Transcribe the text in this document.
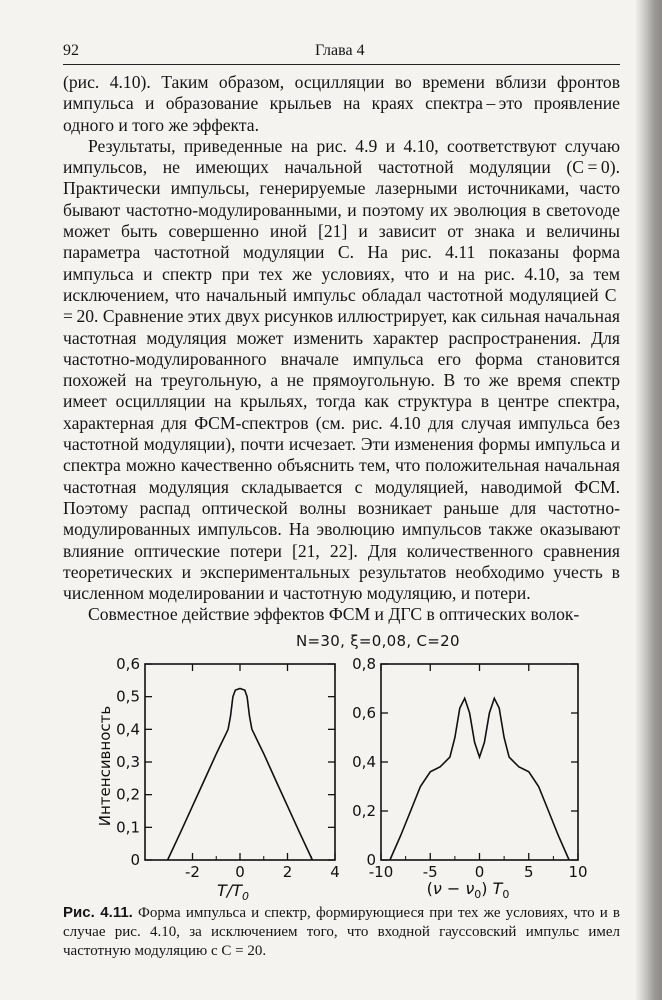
92	Глава 4

(рис. 4.10). Таким образом, осцилляции во времени вблизи фронтов импульса и образование крыльев на краях спектра – это проявление одного и того же эффекта.

Результаты, приведенные на рис. 4.9 и 4.10, соответствуют случаю импульсов, не имеющих начальной частотной модуляции (C = 0). Практически импульсы, генерируемые лазерными источниками, часто бывают частотно-модулированными, и поэтому их эволюция в светоvоде может быть совершенно иной [21] и зависит от знака и величины параметра частотной модуляции C. На рис. 4.11 показаны форма импульса и спектр при тех же условиях, что и на рис. 4.10, за тем исключением, что начальный импульс обладал частотной модуляцией C = 20. Сравнение этих двух рисунков иллюстрирует, как сильная начальная частотная модуляция может изменить характер распространения. Для частотно-модулированного вначале импульса его форма становится похожей на треугольную, а не прямоугольную. В то же время спектр имеет осцилляции на крыльях, тогда как структура в центре спектра, характерная для ФСМ-спектров (см. рис. 4.10 для случая импульса без частотной модуляции), почти исчезает. Эти изменения формы импульса и спектра можно качественно объяснить тем, что положительная начальная частотная модуляция складывается с модуляцией, наводимой ФСМ. Поэтому распад оптической волны возникает раньше для частотно-модулированных импульсов. На эволюцию импульсов также оказывают влияние оптические потери [21, 22]. Для количественного сравнения теоретических и экспериментальных результатов необходимо учесть в численном моделировании и частотную модуляцию, и потери.

Совместное действие эффектов ФСМ и ДГС в оптических волок-

N=30, ξ=0,08, C=20
0,6
0,5
0,4
0,3
0,2
0,1
0
-2 0	2	4
Интенсивность
$T/T_0$
0,8
0,6
0,4
0,2
0
-10 -5 0	5 10
$(\nu - \nu_0)$ $T_0$
Рис. 4.11. Форма импульса и спектр, формирующиеся при тех же условиях, что и в случае рис. 4.10, за исключением того, что входной гауссовский импульс имел частотную модуляцию с C = 20.
